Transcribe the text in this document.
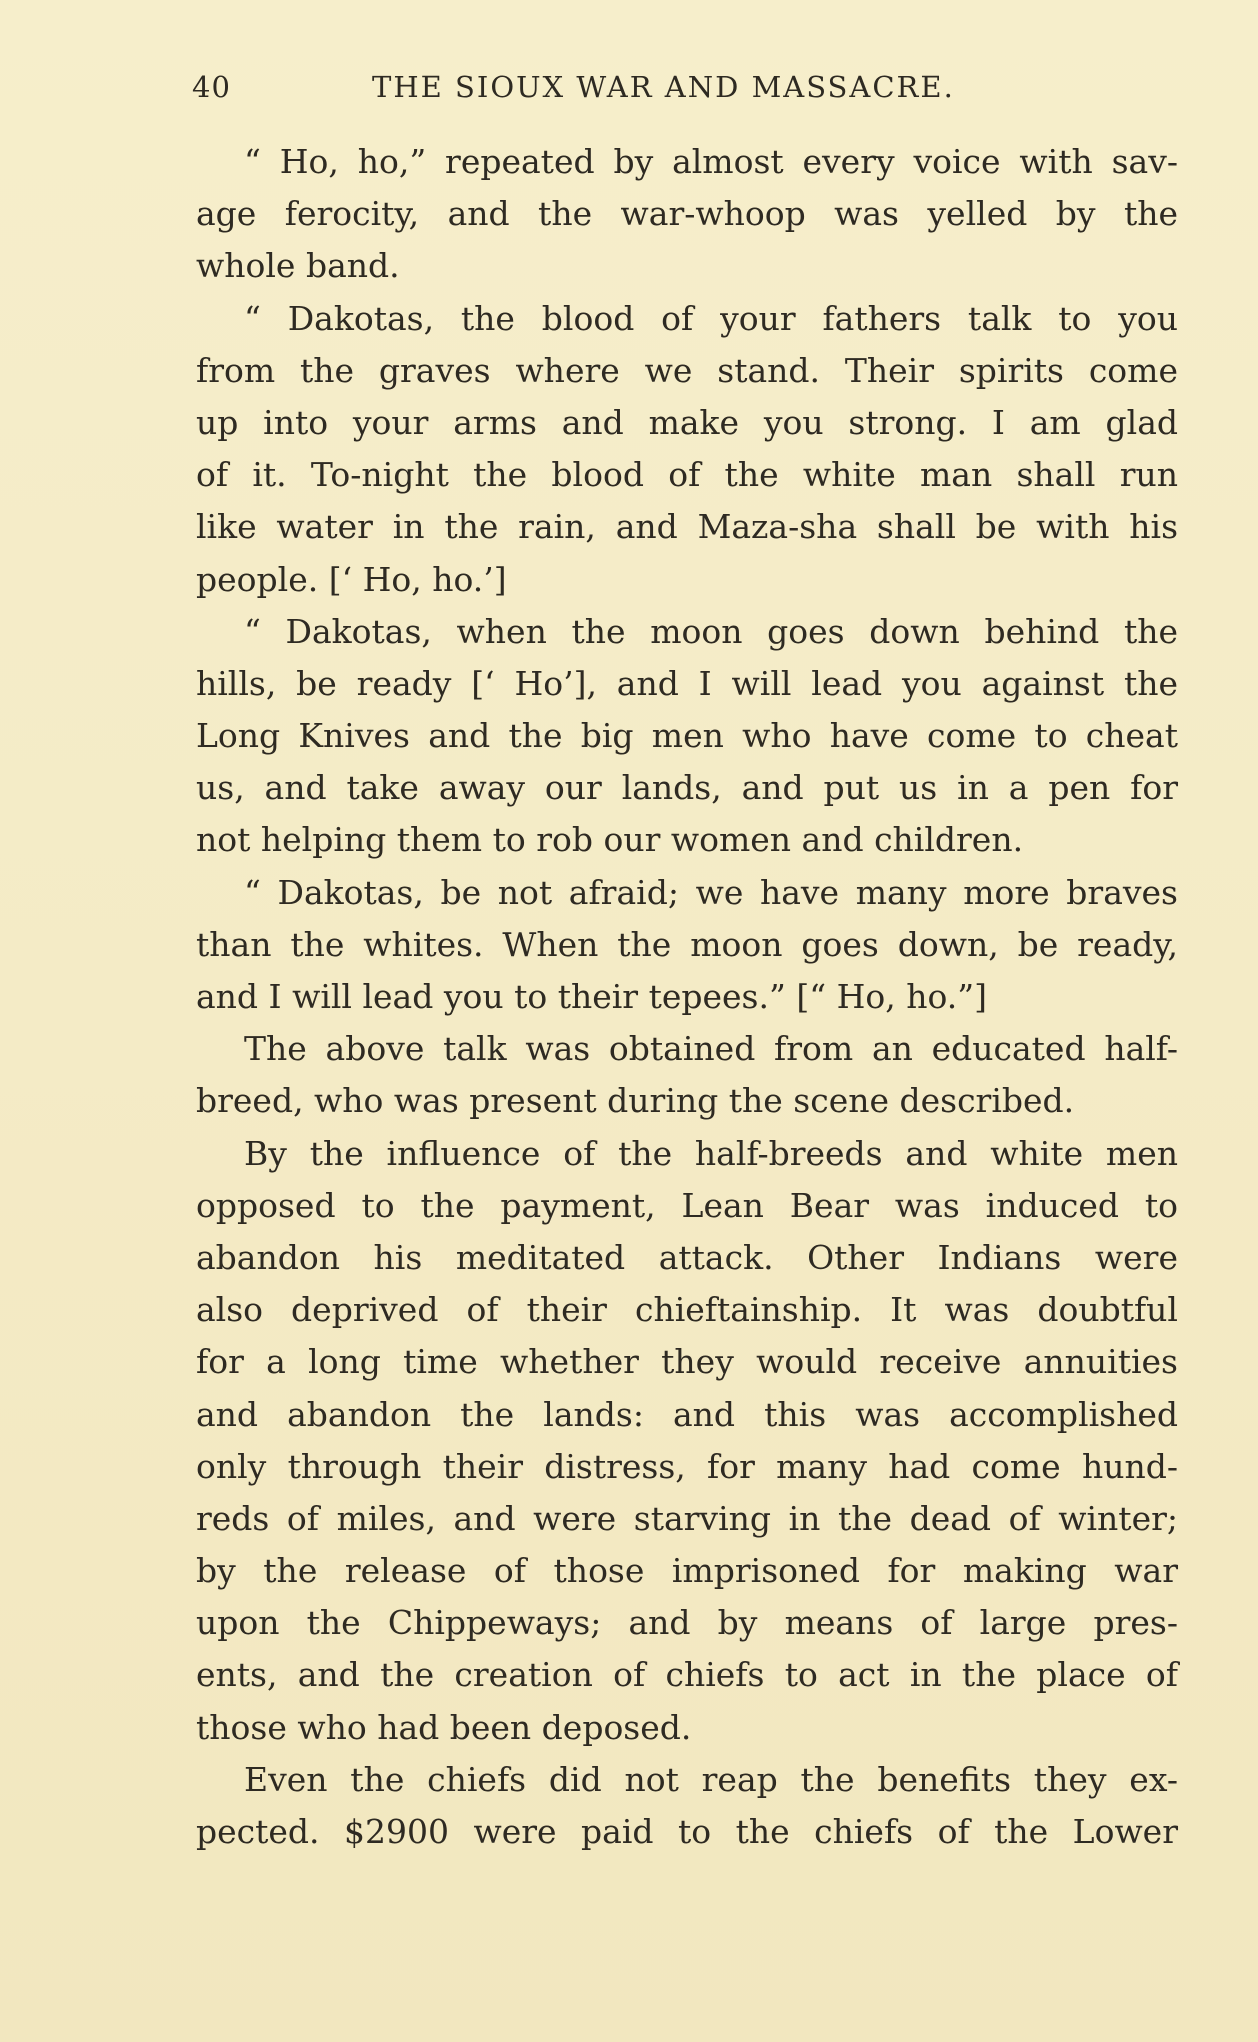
40	THE SIOUX WAR AND MASSACRE.
“ Ho, ho,” repeated by almost every voice with sav-
age ferocity, and the war-whoop was yelled by the
whole band.
“ Dakotas, the blood of your fathers talk to you
from the graves where we stand. Their spirits come
up into your arms and make you strong. I am glad
of it. To-night the blood of the white man shall run
like water in the rain, and Maza-sha shall be with his
people. [‘ Ho, ho.’]
“ Dakotas, when the moon goes down behind the
hills, be ready [‘ Ho’], and I will lead you against the
Long Knives and the big men who have come to cheat
us, and take away our lands, and put us in a pen for
not helping them to rob our women and children.
“ Dakotas, be not afraid; we have many more braves
than the whites. When the moon goes down, be ready,
and I will lead you to their tepees.” [“ Ho, ho.”]
The above talk was obtained from an educated half-
breed, who was present during the scene described.
By the influence of the half-breeds and white men
opposed to the payment, Lean Bear was induced to
abandon his meditated attack. Other Indians were
also deprived of their chieftainship. It was doubtful
for a long time whether they would receive annuities
and abandon the lands: and this was accomplished
only through their distress, for many had come hund-
reds of miles, and were starving in the dead of winter;
by the release of those imprisoned for making war
upon the Chippeways; and by means of large pres-
ents, and the creation of chiefs to act in the place of
those who had been deposed.
Even the chiefs did not reap the benefits they ex-
pected. $2900 were paid to the chiefs of the Lower
